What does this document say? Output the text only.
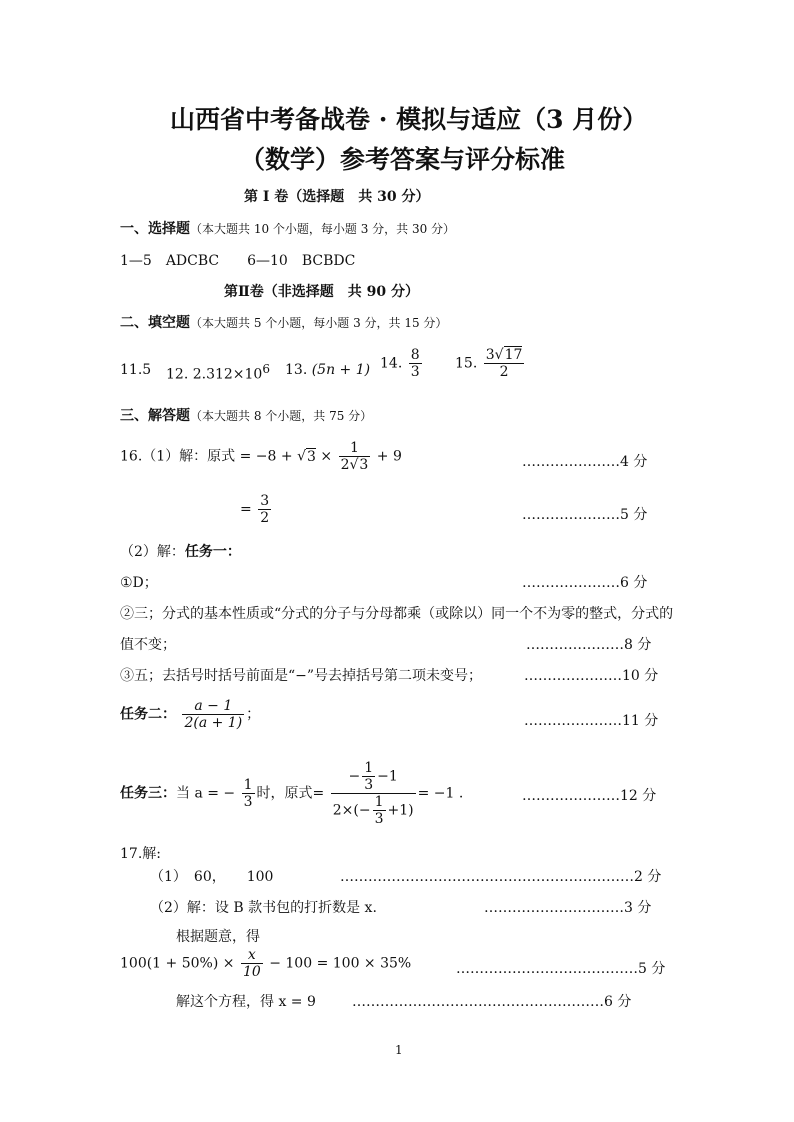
山西省中考备战卷 · 模拟与适应（3 月份）
（数学）参考答案与评分标准
第 I 卷（选择题　共 30 分）
一、选择题（本大题共 10 个小题，每小题 3 分，共 30 分）
1—5　ADCBC　　6—10　BCBDC
第Ⅱ卷（非选择题　共 90 分）
二、填空题（本大题共 5 个小题，每小题 3 分，共 15 分）
11.5 12. $2.312\times 10^6$ 13. (5n + 1) 14. $\frac{8}{3} 15$. $\frac{3√17}{2}$
三、解答题（本大题共 8 个小题，共 75 分）
16.（1）解：原式 = $-8 + √3 \times \frac{1}{2√3} + 9$	…………………4 分
= $\frac{3}{2}$	…………………5 分
（2）解：任务一：
①D；	…………………6 分
②三；分式的基本性质或“分式的分子与分母都乘（或除以）同一个不为零的整式，分式的
值不变；	…………………8 分
③五；去括号时括号前面是“−”号去掉括号第二项未变号；	…………………10 分
任务二： $\frac{a - 1}{2(a + 1)}$ ；	…………………11 分
任务三：当 a = − $\frac{1}{3}$ 时，原式= $\frac{- \frac{1}{3} -1}{2\times(- \frac{1}{3} +1)} = -1$ .	…………………12 分
17.解:
（1）　60，　　100	………………………………………………………2 分
（2）解：设 B 款书包的打折数是 x.	…………………………3 分
根据题意，得
$100(1 + 50\%) \times \frac{x}{10} - 100 = 100 \times 35\%$	…………………………………5 分
解这个方程，得 x = 9	………………………………………………6 分
1
